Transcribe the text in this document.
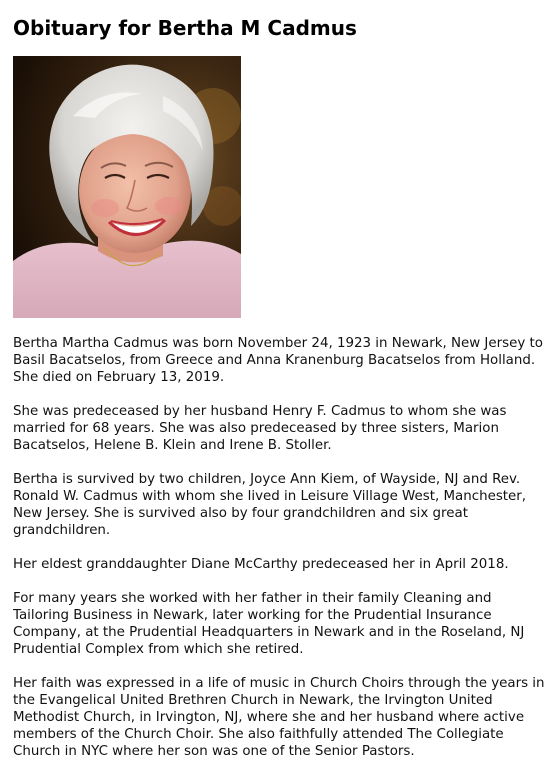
Obituary for Bertha M Cadmus

Bertha Martha Cadmus was born November 24, 1923 in Newark, New Jersey to Basil Bacatselos, from Greece and Anna Kranenburg Bacatselos from Holland. She died on February 13, 2019.

She was predeceased by her husband Henry F. Cadmus to whom she was married for 68 years. She was also predeceased by three sisters, Marion Bacatselos, Helene B. Klein and Irene B. Stoller.

Bertha is survived by two children, Joyce Ann Kiem, of Wayside, NJ and Rev. Ronald W. Cadmus with whom she lived in Leisure Village West, Manchester, New Jersey. She is survived also by four grandchildren and six great grandchildren.

Her eldest granddaughter Diane McCarthy predeceased her in April 2018.

For many years she worked with her father in their family Cleaning and Tailoring Business in Newark, later working for the Prudential Insurance Company, at the Prudential Headquarters in Newark and in the Roseland, NJ Prudential Complex from which she retired.

Her faith was expressed in a life of music in Church Choirs through the years in the Evangelical United Brethren Church in Newark, the Irvington United Methodist Church, in Irvington, NJ, where she and her husband where active members of the Church Choir. She also faithfully attended The Collegiate Church in NYC where her son was one of the Senior Pastors.
